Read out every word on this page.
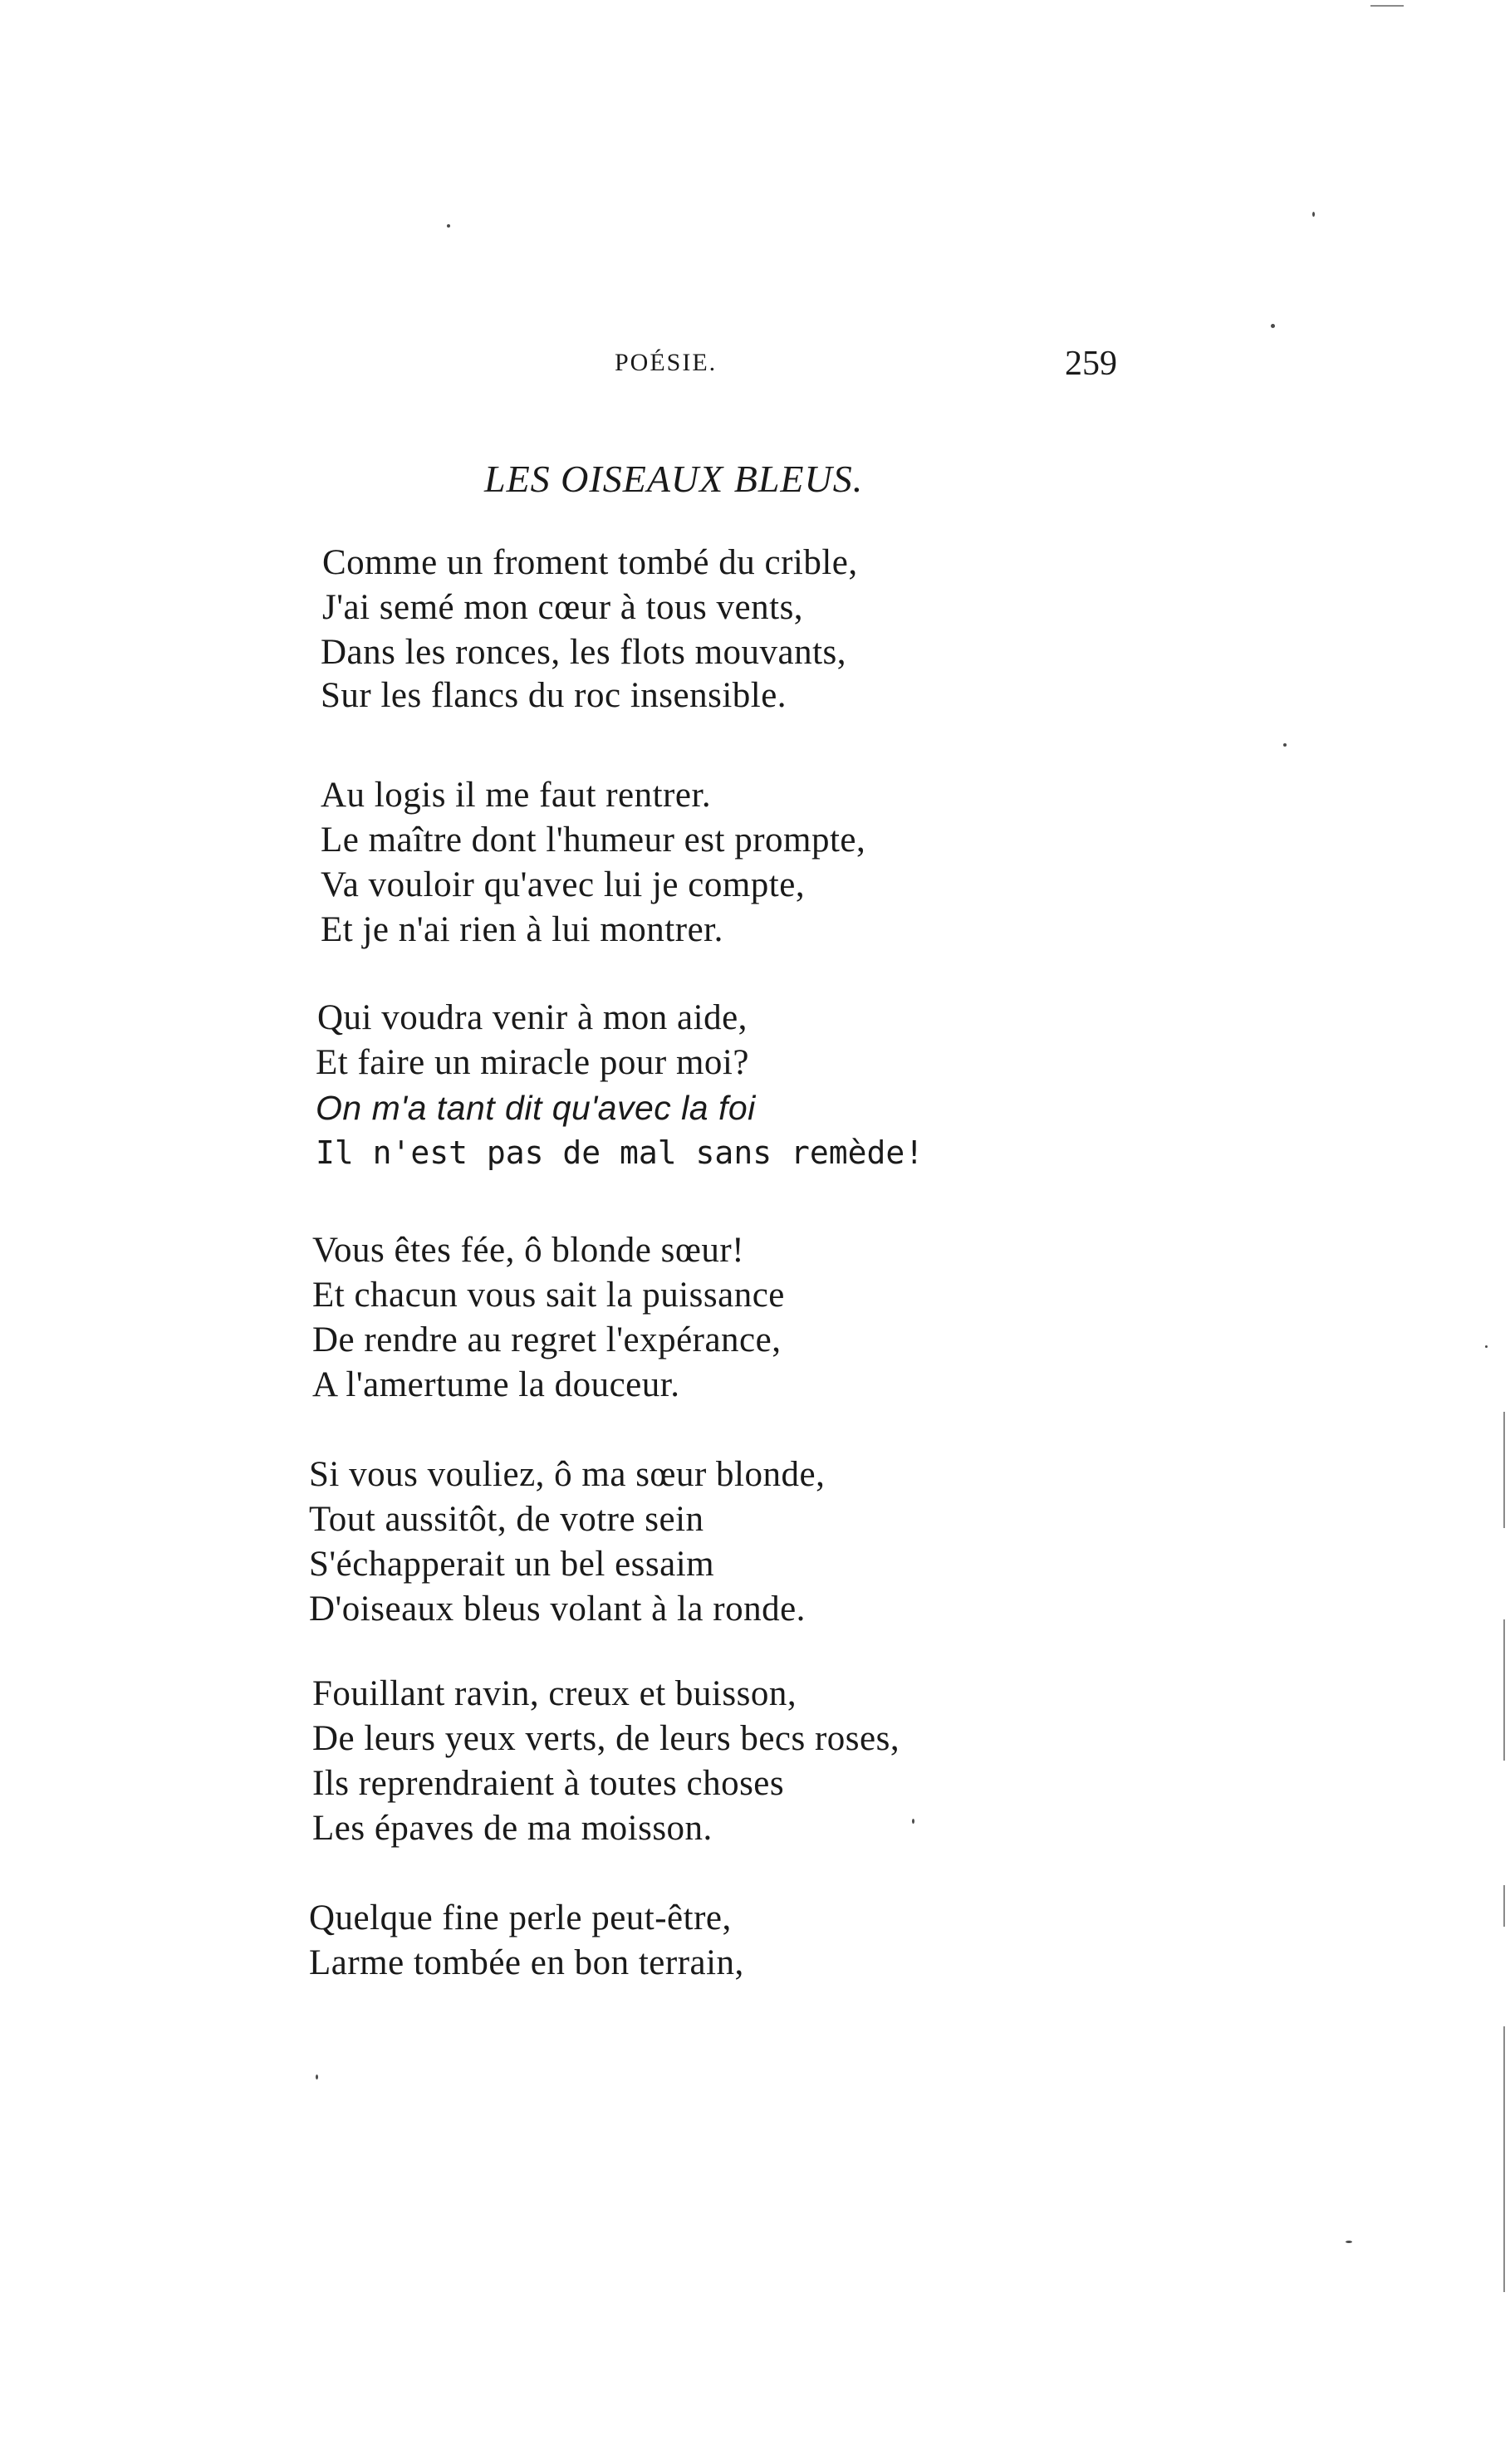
POÉSIE.	259
LES OISEAUX BLEUS.
Comme un froment tombé du crible,
J'ai semé mon cœur à tous vents,
Dans les ronces, les flots mouvants,
Sur les flancs du roc insensible.
Au logis il me faut rentrer.
Le maître dont l'humeur est prompte,
Va vouloir qu'avec lui je compte,
Et je n'ai rien à lui montrer.
Qui voudra venir à mon aide,
Et faire un miracle pour moi?
On m'a tant dit qu'avec la foi
Il n'est pas de mal sans remède!
Vous êtes fée, ô blonde sœur!
Et chacun vous sait la puissance
De rendre au regret l'expérance,
A l'amertume la douceur.
Si vous vouliez, ô ma sœur blonde,
Tout aussitôt, de votre sein
S'échapperait un bel essaim
D'oiseaux bleus volant à la ronde.
Fouillant ravin, creux et buisson,
De leurs yeux verts, de leurs becs roses,
Ils reprendraient à toutes choses
Les épaves de ma moisson.
Quelque fine perle peut-être,
Larme tombée en bon terrain,
